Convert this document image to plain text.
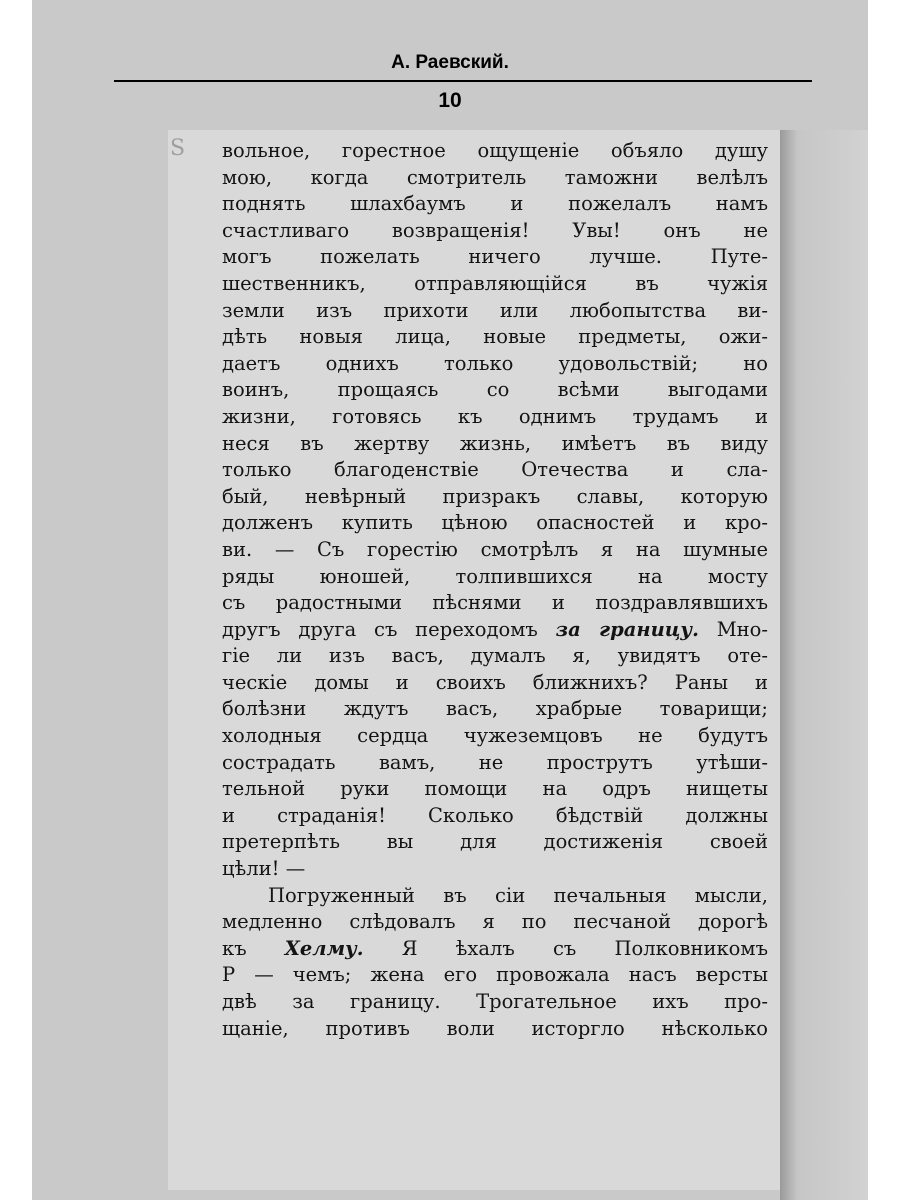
А. Раевский.
10
S вольное, горестное ощущеніе объяло душу
мою, когда смотритель таможни велѣлъ
поднять шлахбаумъ и пожелалъ намъ
счастливаго возвращенія! Увы! онъ не
могъ пожелать ничего лучше. Путе-
шественникъ, отправляющійся въ чужія
земли изъ прихоти или любопытства ви-
дѣть новыя лица, новые предметы, ожи-
даетъ однихъ только удовольствій; но
воинъ, прощаясь со всѣми выгодами
жизни, готовясь къ однимъ трудамъ и
неся въ жертву жизнь, имѣетъ въ виду
только благоденствіе Отечества и сла-
бый, невѣрный призракъ славы, которую
долженъ купить цѣною опасностей и кро-
ви. — Съ горестію смотрѣлъ я на шумные
ряды юношей, толпившихся на мосту
съ радостными пѣснями и поздравлявшихъ
другъ друга съ переходомъ за границу. Мно-
гіе ли изъ васъ, думалъ я, увидятъ оте-
ческіе домы и своихъ ближнихъ? Раны и
болѣзни ждутъ васъ, храбрые товарищи;
холодныя сердца чужеземцовъ не будутъ
сострадать вамъ, не прострутъ утѣши-
тельной руки помощи на одръ нищеты
и страданія! Сколько бѣдствій должны
претерпѣть вы для достиженія своей
цѣли! —
Погруженный въ сіи печальныя мысли,
медленно слѣдовалъ я по песчаной дорогѣ
къ Хелму. Я ѣхалъ съ Полковникомъ
Р — чемъ; жена его провожала насъ версты
двѣ за границу. Трогательное ихъ про-
щаніе, противъ воли исторгло нѣсколько
